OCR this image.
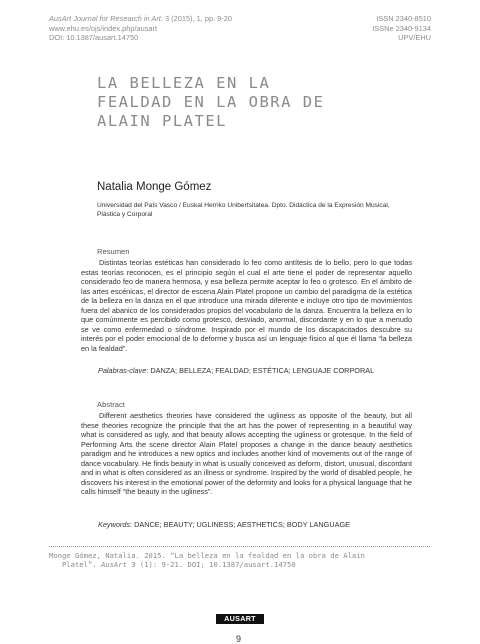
AusArt Journal for Research in Art. 3 (2015), 1, pp. 9-20
www.ehu.es/ojs/index.php/ausart
DOI: 10.1387/ausart.14750
ISSN 2340-8510
ISSNe 2340-9134
UPV/EHU
LA BELLEZA EN LA
FEALDAD EN LA OBRA DE
ALAIN PLATEL
Natalia Monge Gómez
Universidad del País Vasco / Euskal Herriko Unibertsitatea. Dpto. Didáctica de la Expresión Musical, Plástica y Corporal
Resumen

Distintas teorías estéticas han considerado lo feo como antítesis de lo bello, pero lo que todas estas teorías reconocen, es el principio según el cual el arte tiene el poder de representar aquello considerado feo de manera hermosa, y esa belleza permite aceptar lo feo o grotesco. En el ámbito de las artes escénicas, el director de escena Alain Platel propone un cambio del paradigma de la estética de la belleza en la danza en el que introduce una mirada diferente e incluye otro tipo de movimientos fuera del abanico de los considerados propios del vocabulario de la danza. Encuentra la belleza en lo que comúnmente es percibido como grotesco, desviado, anormal, discordante y en lo que a menudo se ve como enfermedad o síndrome. Inspirado por el mundo de los discapacitados descubre su interés por el poder emocional de lo deforme y busca así un lenguaje físico al que él llama “la belleza en la fealdad”.

Palabras-clave: DANZA; BELLEZA; FEALDAD; ESTÉTICA; LENGUAJE CORPORAL
Abstract

Different aesthetics theories have considered the ugliness as opposite of the beauty, but all these theories recognize the principle that the art has the power of representing in a beautiful way what is considered as ugly, and that beauty allows accepting the ugliness or grotesque. In the field of Performing Arts the scene director Alain Platel proposes a change in the dance beauty aesthetics paradigm and he introduces a new optics and includes another kind of movements out of the range of dance vocabulary. He finds beauty in what is usually conceived as deform, distort, unusual, discordant and in what is often considered as an illness or syndrome. Inspired by the world of disabled people, he discovers his interest in the emotional power of the deformity and looks for a physical language that he calls himself “the beauty in the ugliness”.

Keywords: DANCE; BEAUTY; UGLINESS; AESTHETICS; BODY LANGUAGE
Monge Gómez, Natalia. 2015. “La belleza en la fealdad en la obra de Alain
Platel”. AusArt 3 (1): 9-21. DOI; 10.1387/ausart.14750
AUSART
9
